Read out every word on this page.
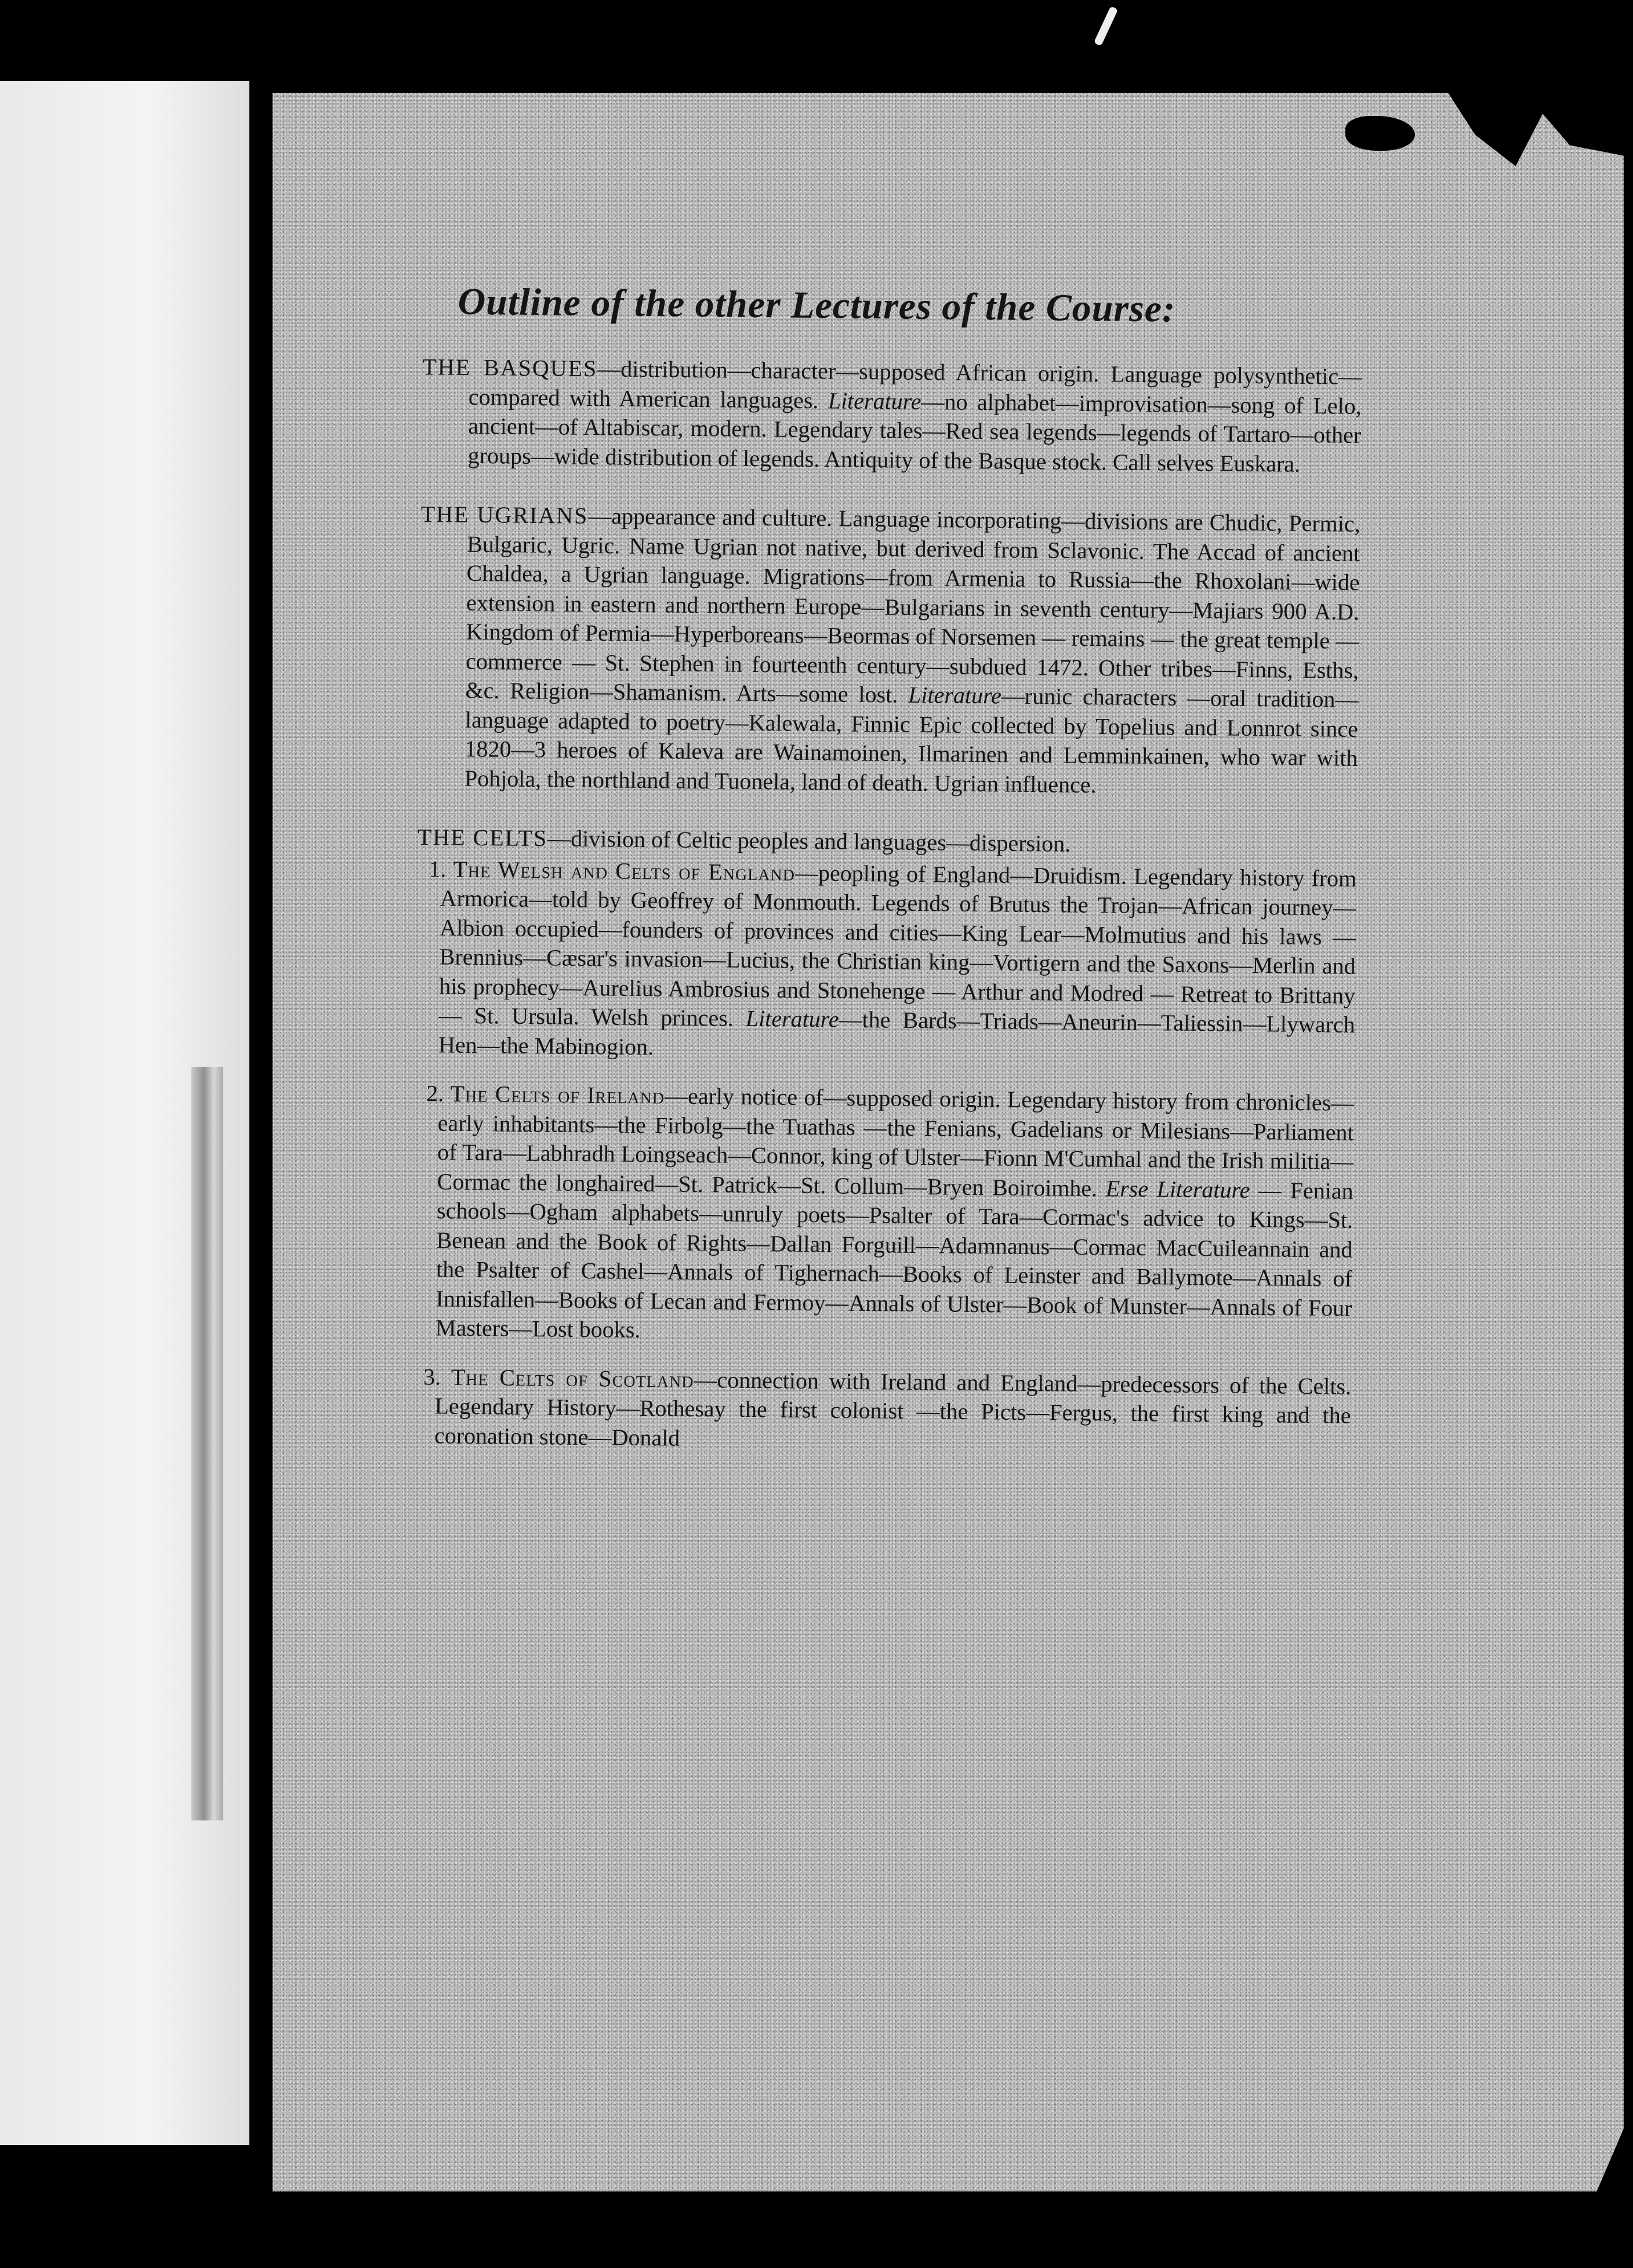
Outline of the other Lectures of the Course:

THE BASQUES—distribution—character—supposed African origin. Language polysynthetic—compared with American languages. Literature—no alphabet—improvisation—song of Lelo, ancient—of Altabiscar, modern. Legendary tales—Red sea legends—legends of Tartaro—other groups—wide distribution of legends. Antiquity of the Basque stock. Call selves Euskara.

THE UGRIANS—appearance and culture. Language incorporating—divisions are Chudic, Permic, Bulgaric, Ugric. Name Ugrian not native, but derived from Sclavonic. The Accad of ancient Chaldea, a Ugrian language. Migrations—from Armenia to Russia—the Rhoxolani—wide extension in eastern and northern Europe—Bulgarians in seventh century—Majiars 900 A.D. Kingdom of Permia—Hyperboreans—Beormas of Norsemen — remains — the great temple — commerce — St. Stephen in fourteenth century—subdued 1472. Other tribes—Finns, Esths, &c. Religion—Shamanism. Arts—some lost. Literature—runic characters —oral tradition—language adapted to poetry—Kalewala, Finnic Epic collected by Topelius and Lonnrot since 1820—3 heroes of Kaleva are Wainamoinen, Ilmarinen and Lemminkainen, who war with Pohjola, the northland and Tuonela, land of death. Ugrian influence.

THE CELTS—division of Celtic peoples and languages—dispersion.

1. The Welsh and Celts of England—peopling of England—Druidism. Legendary history from Armorica—told by Geoffrey of Monmouth. Legends of Brutus the Trojan—African journey—Albion occupied—founders of provinces and cities—King Lear—Molmutius and his laws —Brennius—Cæsar's invasion—Lucius, the Christian king—Vortigern and the Saxons—Merlin and his prophecy—Aurelius Ambrosius and Stonehenge — Arthur and Modred — Retreat to Brittany — St. Ursula. Welsh princes. Literature—the Bards—Triads—Aneurin—Taliessin—Llywarch Hen—the Mabinogion.

2. The Celts of Ireland—early notice of—supposed origin. Legendary history from chronicles—early inhabitants—the Firbolg—the Tuathas —the Fenians, Gadelians or Milesians—Parliament of Tara—Labhradh Loingseach—Connor, king of Ulster—Fionn M'Cumhal and the Irish militia—Cormac the longhaired—St. Patrick—St. Collum—Bryen Boiroimhe. Erse Literature — Fenian schools—Ogham alphabets—unruly poets—Psalter of Tara—Cormac's advice to Kings—St. Benean and the Book of Rights—Dallan Forguill—Adamnanus—Cormac MacCuileannain and the Psalter of Cashel—Annals of Tighernach—Books of Leinster and Ballymote—Annals of Innisfallen—Books of Lecan and Fermoy—Annals of Ulster—Book of Munster—Annals of Four Masters—Lost books.

3. The Celts of Scotland—connection with Ireland and England—predecessors of the Celts. Legendary History—Rothesay the first colonist —the Picts—Fergus, the first king and the coronation stone—Donald
